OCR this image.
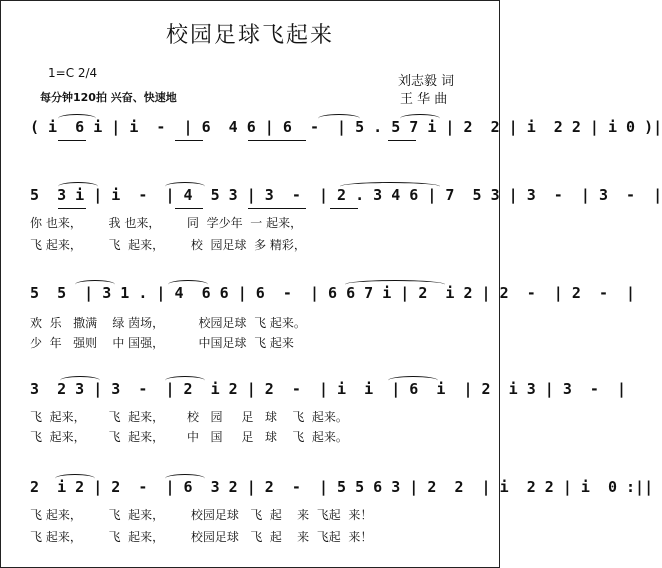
校园足球飞起来
1=C 2/4
每分钟120拍 兴奋、快速地
刘志毅 词
王 华 曲
( i  6 i | i  -  | 6  4 6 | 6  -  | 5 . 5 7 i | 2  2 | i  2 2 | i 0 )|
5  3 i | i  -  | 4  5 3 | 3  -  | 2 . 3 4 6 | 7  5 3 | 3  -  | 3  -  |
你 也来，       我 也来，       同  学少年  一 起来，
飞 起来，       飞  起来，       校  园足球  多 精彩，
5  5  | 3 1 . | 4  6 6 | 6  -  | 6 6 7 i | 2  i 2 | 2  -  | 2  -  |
欢  乐   撒满    绿 茵场，         校园足球  飞 起来。
少  年   强则    中 国强，         中国足球  飞 起来
3  2 3 | 3  -  | 2  i 2 | 2  -  | i  i  | 6  i  | 2  i 3 | 3  -  |
飞  起来，      飞  起来，      校   园     足   球    飞  起来。
飞  起来，      飞  起来，      中   国     足   球    飞  起来。
2  i 2 | 2  -  | 6  3 2 | 2  -  | 5 5 6 3 | 2  2  | i  2 2 | i  0 :||
飞 起来，       飞  起来，       校园足球   飞  起    来  飞起  来！
飞 起来，       飞  起来，       校园足球   飞  起    来  飞起  来！
